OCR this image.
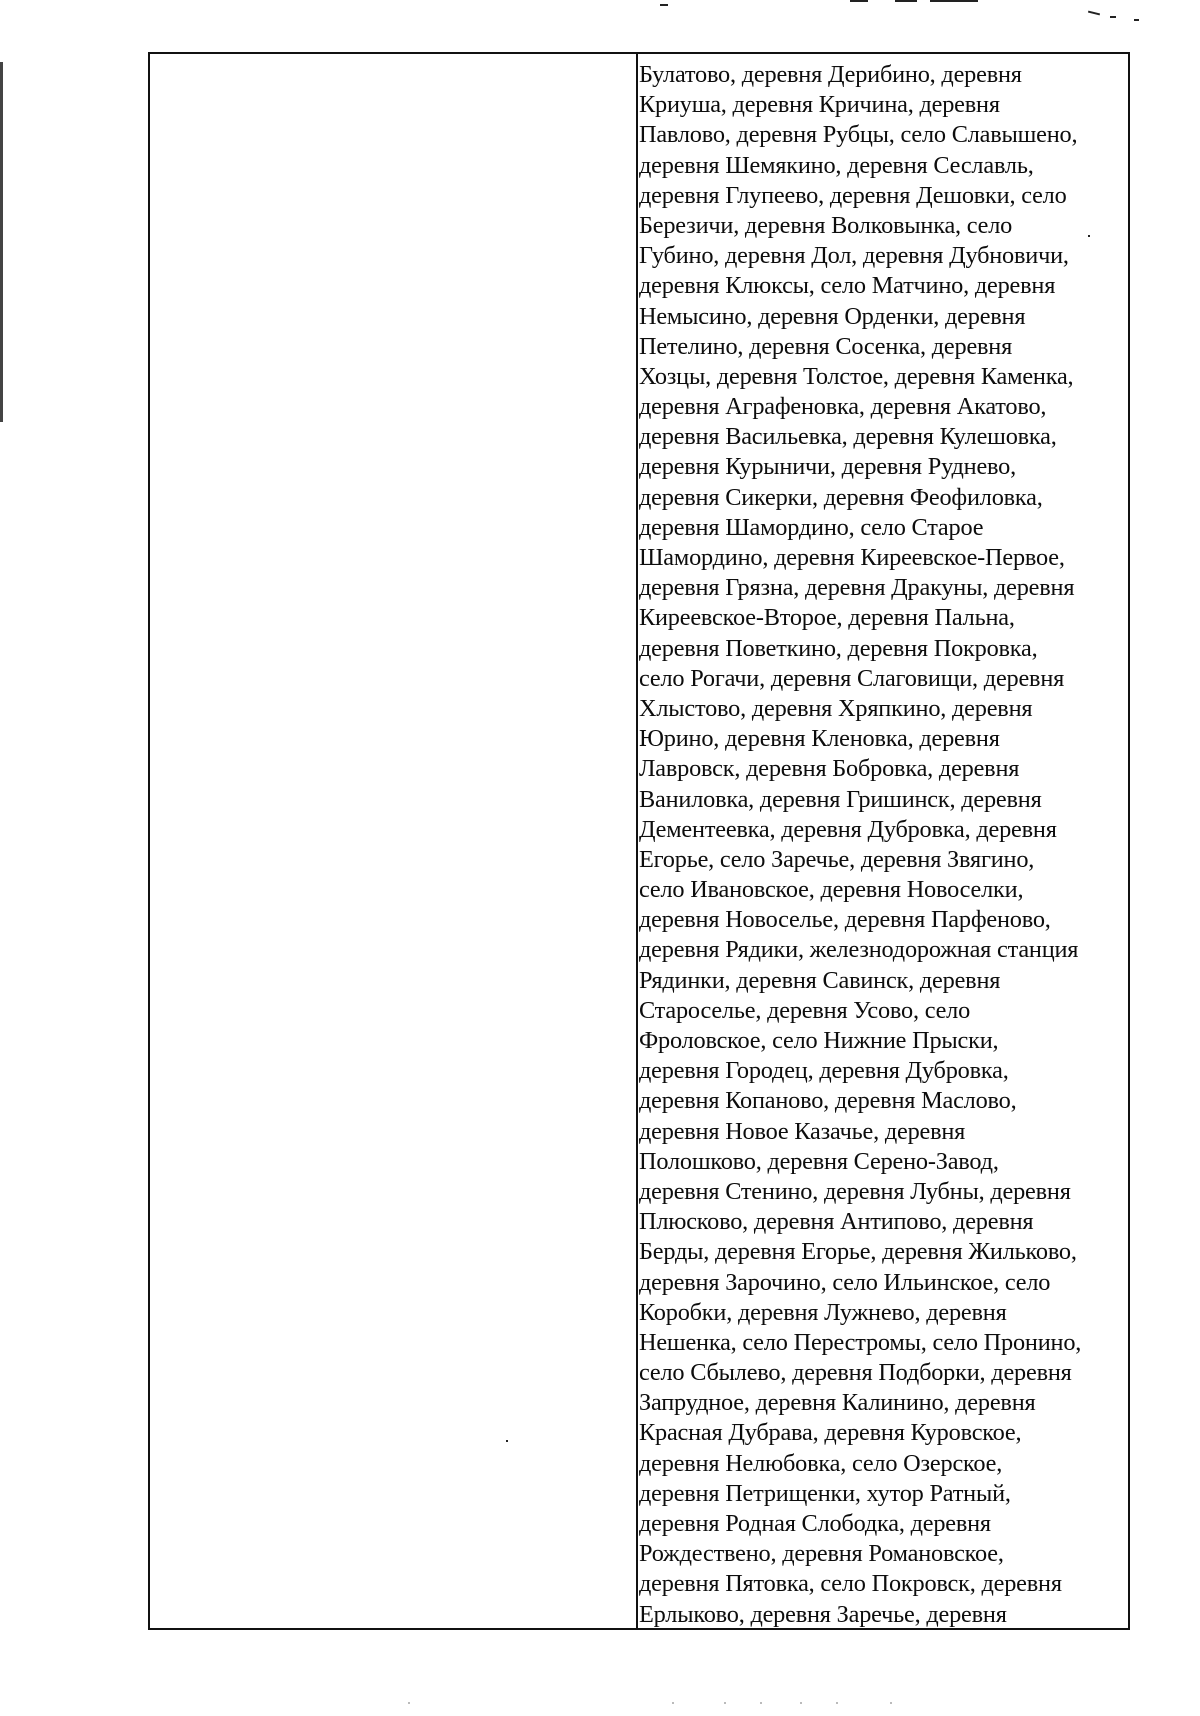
Булатово, деревня Дерибино, деревня
Криуша, деревня Кричина, деревня
Павлово, деревня Рубцы, село Славышено,
деревня Шемякино, деревня Сеславль,
деревня Глупеево, деревня Дешовки, село
Березичи, деревня Волковынка, село
Губино, деревня Дол, деревня Дубновичи,
деревня Клюксы, село Матчино, деревня
Немысино, деревня Орденки, деревня
Петелино, деревня Сосенка, деревня
Хозцы, деревня Толстое, деревня Каменка,
деревня Аграфеновка, деревня Акатово,
деревня Васильевка, деревня Кулешовка,
деревня Курыничи, деревня Руднево,
деревня Сикерки, деревня Феофиловка,
деревня Шамордино, село Старое
Шамордино, деревня Киреевское-Первое,
деревня Грязна, деревня Дракуны, деревня
Киреевское-Второе, деревня Пальна,
деревня Поветкино, деревня Покровка,
село Рогачи, деревня Слаговищи, деревня
Хлыстово, деревня Хряпкино, деревня
Юрино, деревня Кленовка, деревня
Лавровск, деревня Бобровка, деревня
Ваниловка, деревня Гришинск, деревня
Дементеевка, деревня Дубровка, деревня
Егорье, село Заречье, деревня Звягино,
село Ивановское, деревня Новоселки,
деревня Новоселье, деревня Парфеново,
деревня Рядики, железнодорожная станция
Рядинки, деревня Савинск, деревня
Староселье, деревня Усово, село
Фроловское, село Нижние Прыски,
деревня Городец, деревня Дубровка,
деревня Копаново, деревня Маслово,
деревня Новое Казачье, деревня
Полошково, деревня Серено-Завод,
деревня Стенино, деревня Лубны, деревня
Плюсково, деревня Антипово, деревня
Берды, деревня Егорье, деревня Жильково,
деревня Зарочино, село Ильинское, село
Коробки, деревня Лужнево, деревня
Нешенка, село Перестромы, село Пронино,
село Сбылево, деревня Подборки, деревня
Запрудное, деревня Калинино, деревня
Красная Дубрава, деревня Куровское,
деревня Нелюбовка, село Озерское,
деревня Петрищенки, хутор Ратный,
деревня Родная Слободка, деревня
Рождествено, деревня Романовское,
деревня Пятовка, село Покровск, деревня
Ерлыково, деревня Заречье, деревня
